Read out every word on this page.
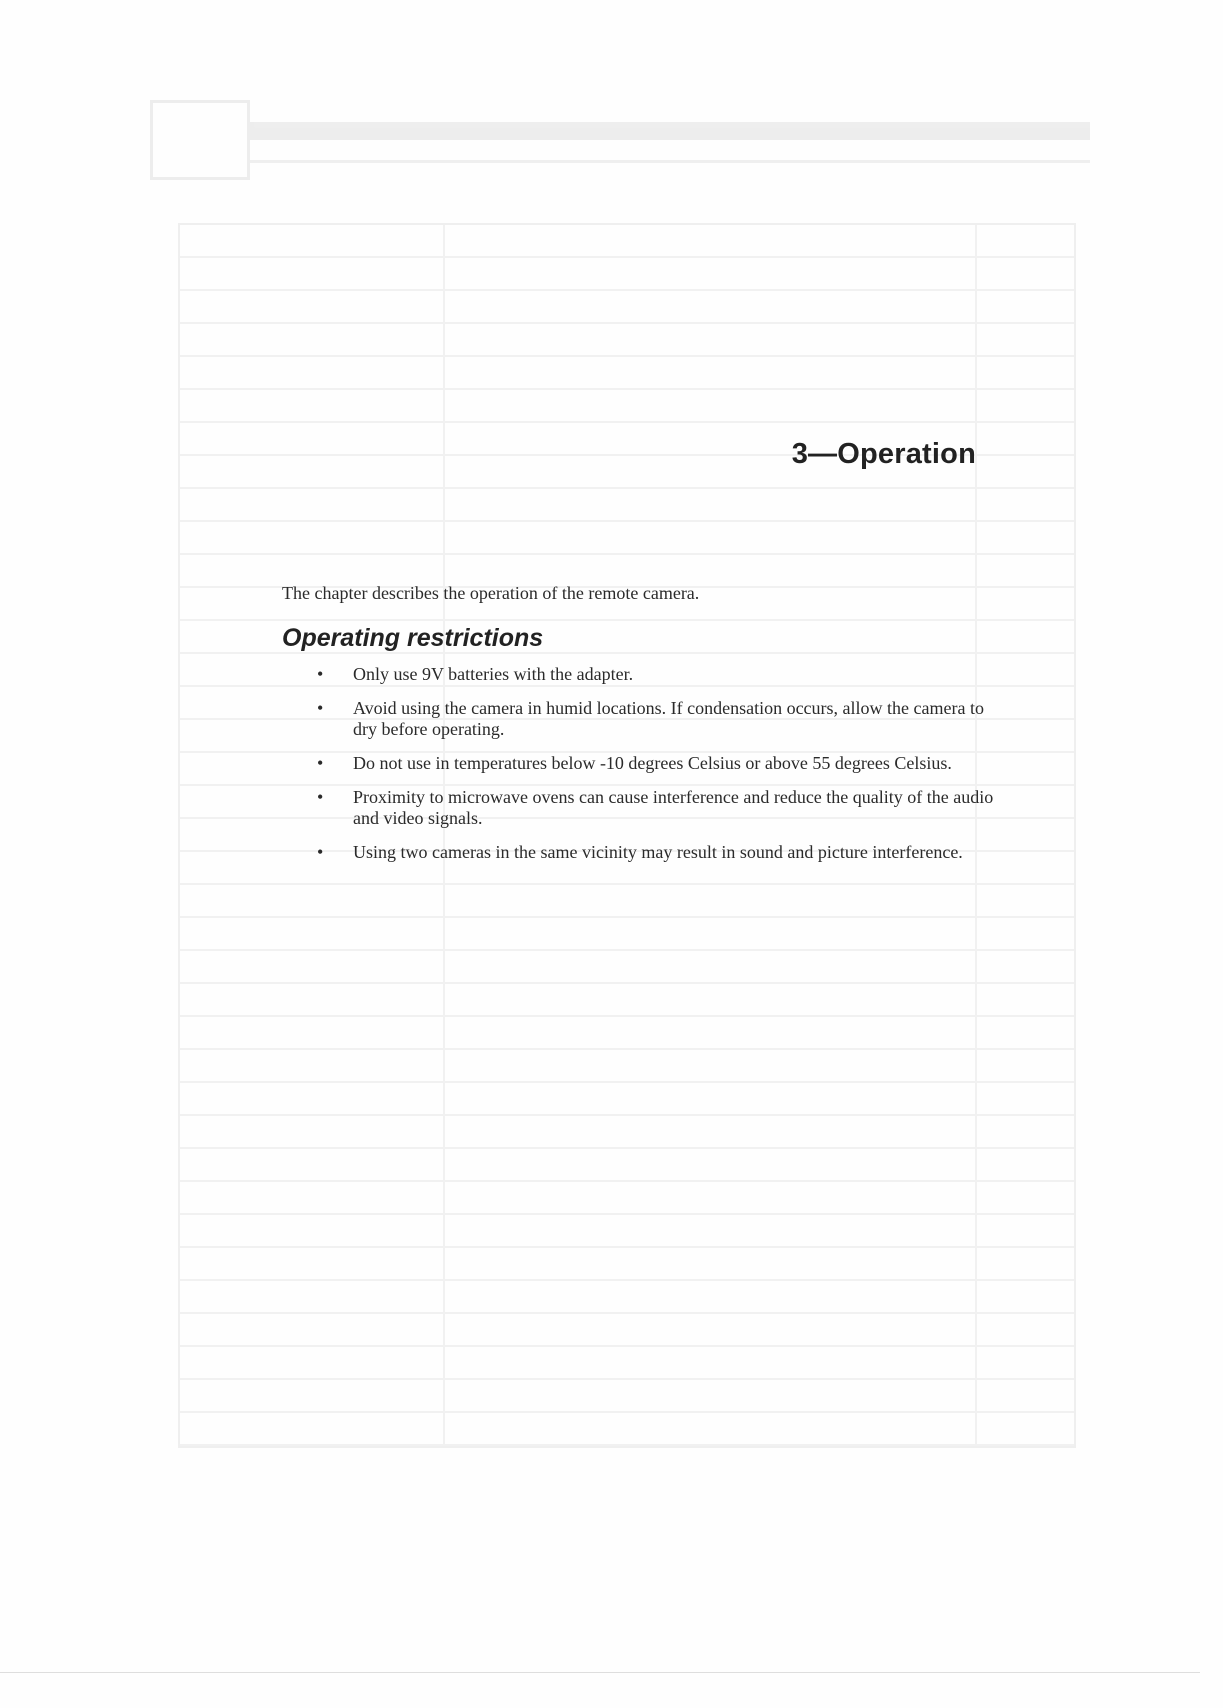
3—Operation

The chapter describes the operation of the remote camera.

Operating restrictions
• Only use 9V batteries with the adapter.
• Avoid using the camera in humid locations. If condensation occurs, allow the camera to dry before operating.
• Do not use in temperatures below -10 degrees Celsius or above 55 degrees Celsius.
• Proximity to microwave ovens can cause interference and reduce the quality of the audio and video signals.
• Using two cameras in the same vicinity may result in sound and picture interference.
